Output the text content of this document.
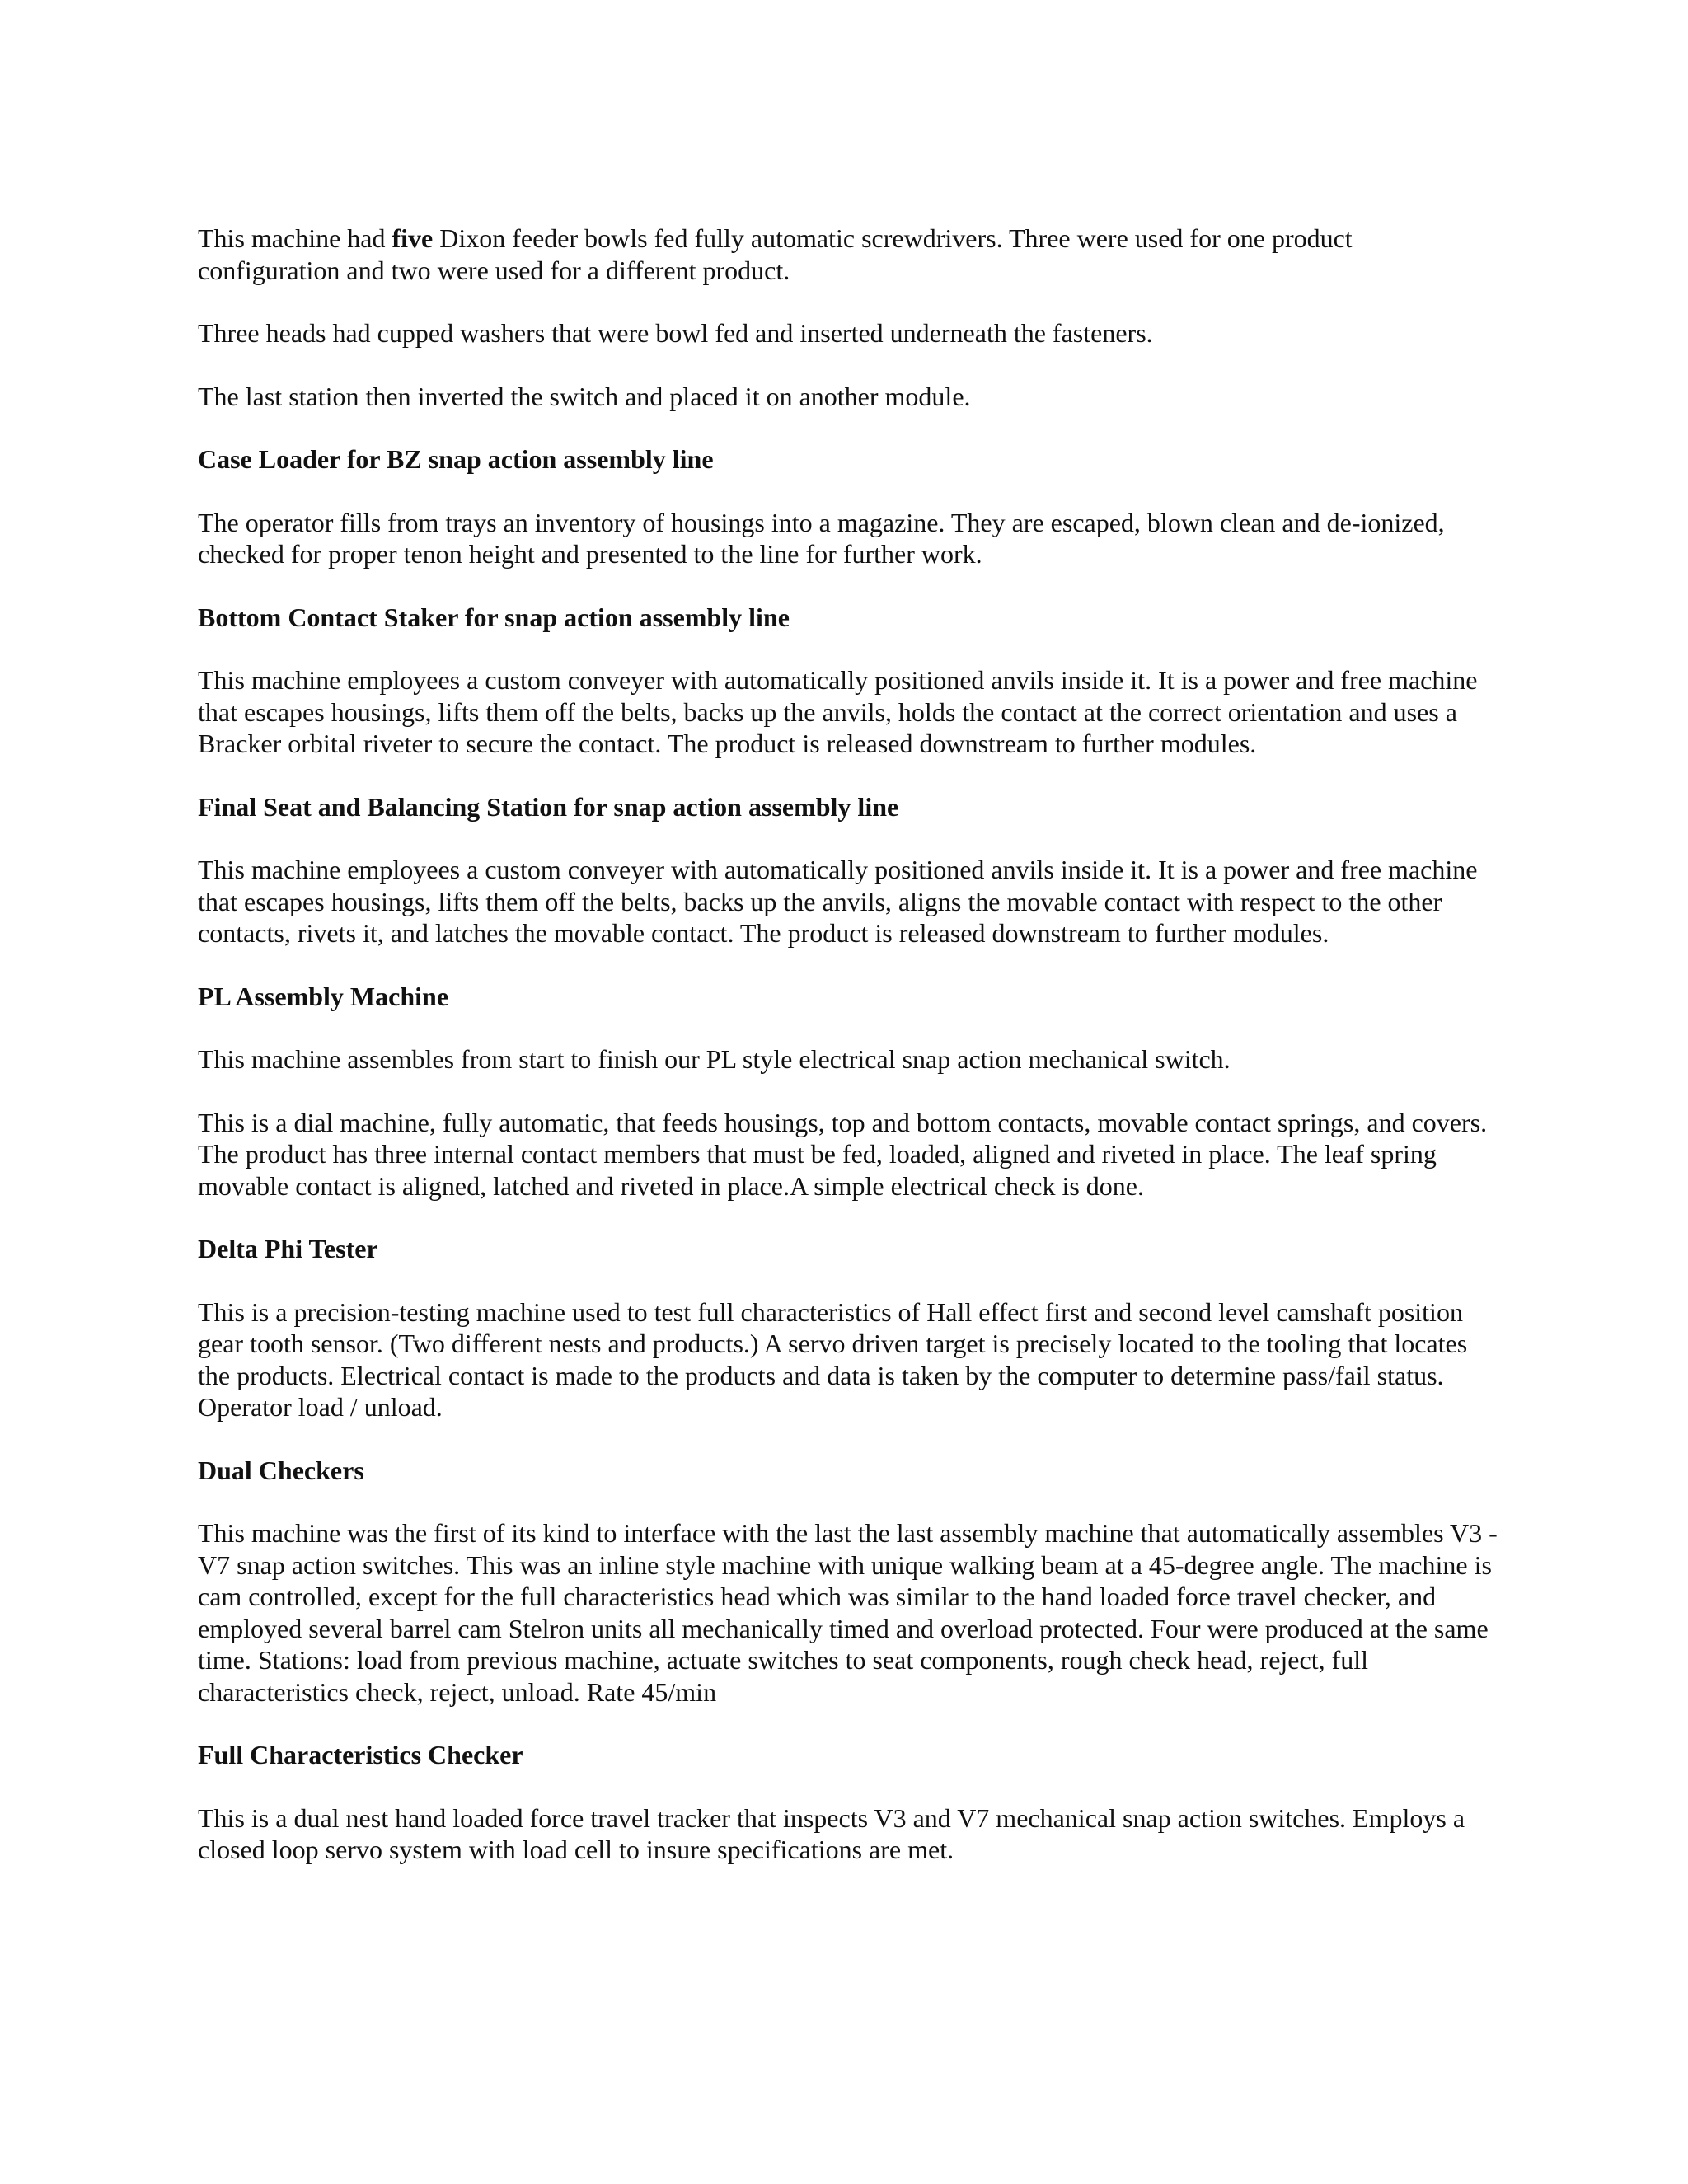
This machine had five Dixon feeder bowls fed fully automatic screwdrivers. Three were used for one product configuration and two were used for a different product.

Three heads had cupped washers that were bowl fed and inserted underneath the fasteners.

The last station then inverted the switch and placed it on another module.

Case Loader for BZ snap action assembly line

The operator fills from trays an inventory of housings into a magazine. They are escaped, blown clean and de-ionized, checked for proper tenon height and presented to the line for further work.

Bottom Contact Staker for snap action assembly line

This machine employees a custom conveyer with automatically positioned anvils inside it. It is a power and free machine that escapes housings, lifts them off the belts, backs up the anvils, holds the contact at the correct orientation and uses a Bracker orbital riveter to secure the contact. The product is released downstream to further modules.

Final Seat and Balancing Station for snap action assembly line

This machine employees a custom conveyer with automatically positioned anvils inside it. It is a power and free machine that escapes housings, lifts them off the belts, backs up the anvils, aligns the movable contact with respect to the other contacts, rivets it, and latches the movable contact. The product is released downstream to further modules.

PL Assembly Machine

This machine assembles from start to finish our PL style electrical snap action mechanical switch.

This is a dial machine, fully automatic, that feeds housings, top and bottom contacts, movable contact springs, and covers. The product has three internal contact members that must be fed, loaded, aligned and riveted in place. The leaf spring movable contact is aligned, latched and riveted in place.A simple electrical check is done.

Delta Phi Tester

This is a precision-testing machine used to test full characteristics of Hall effect first and second level camshaft position gear tooth sensor. (Two different nests and products.) A servo driven target is precisely located to the tooling that locates the products. Electrical contact is made to the products and data is taken by the computer to determine pass/fail status. Operator load / unload.

Dual Checkers

This machine was the first of its kind to interface with the last the last assembly machine that automatically assembles V3 - V7 snap action switches. This was an inline style machine with unique walking beam at a 45-degree angle. The machine is cam controlled, except for the full characteristics head which was similar to the hand loaded force travel checker, and employed several barrel cam Stelron units all mechanically timed and overload protected. Four were produced at the same time. Stations: load from previous machine, actuate switches to seat components, rough check head, reject, full characteristics check, reject, unload. Rate 45/min

Full Characteristics Checker

This is a dual nest hand loaded force travel tracker that inspects V3 and V7 mechanical snap action switches. Employs a closed loop servo system with load cell to insure specifications are met.
